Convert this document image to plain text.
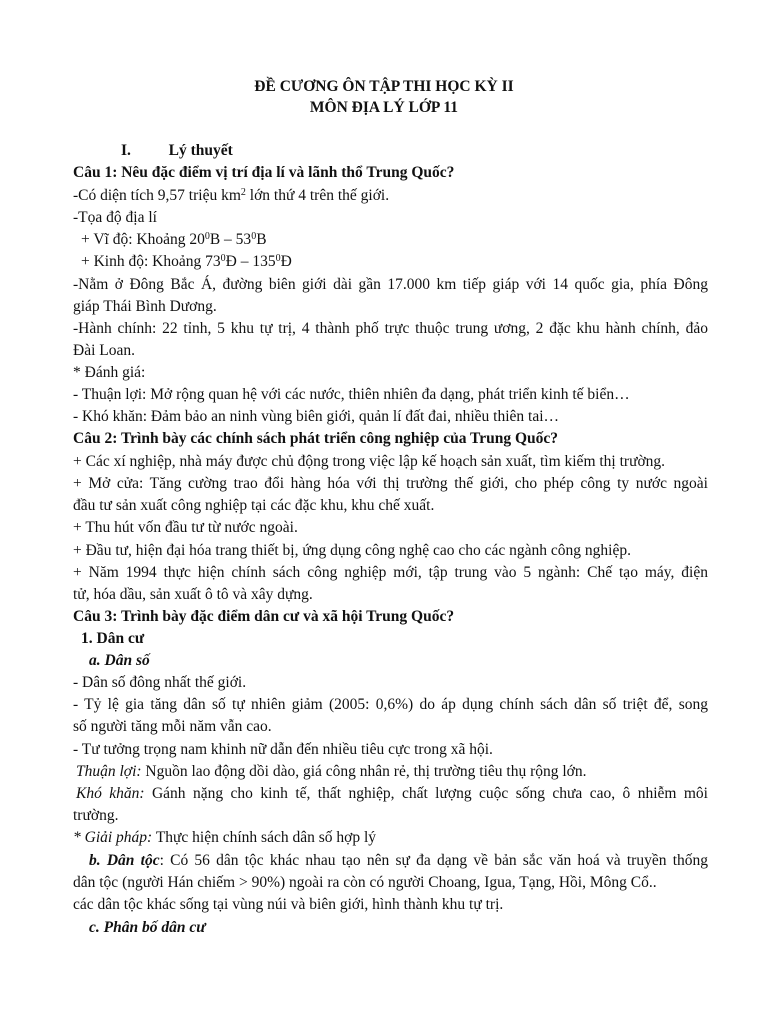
ĐỀ CƯƠNG ÔN TẬP THI HỌC KỲ II
MÔN ĐỊA LÝ LỚP 11
I. Lý thuyết
Câu 1: Nêu đặc điểm vị trí địa lí và lãnh thổ Trung Quốc?
-Có diện tích 9,57 triệu $km^2$ lớn thứ 4 trên thế giới.
-Tọa độ địa lí
+ Vĩ độ: Khoảng $20^0B - 53^0B$
+ Kinh độ: Khoảng $73^0Đ$ – $135^0Đ$
-Nằm ở Đông Bắc Á, đường biên giới dài gần 17.000 km tiếp giáp với 14 quốc gia, phía Đông
giáp Thái Bình Dương.
-Hành chính: 22 tỉnh, 5 khu tự trị, 4 thành phố trực thuộc trung ương, 2 đặc khu hành chính, đảo
Đài Loan.
* Đánh giá:
- Thuận lợi: Mở rộng quan hệ với các nước, thiên nhiên đa dạng, phát triển kinh tế biển…
- Khó khăn: Đảm bảo an ninh vùng biên giới, quản lí đất đai, nhiều thiên tai…
Câu 2: Trình bày các chính sách phát triển công nghiệp của Trung Quốc?
+ Các xí nghiệp, nhà máy được chủ động trong việc lập kế hoạch sản xuất, tìm kiếm thị trường.
+ Mở cửa: Tăng cường trao đổi hàng hóa với thị trường thế giới, cho phép công ty nước ngoài
đầu tư sản xuất công nghiệp tại các đặc khu, khu chế xuất.
+ Thu hút vốn đầu tư từ nước ngoài.
+ Đầu tư, hiện đại hóa trang thiết bị, ứng dụng công nghệ cao cho các ngành công nghiệp.
+ Năm 1994 thực hiện chính sách công nghiệp mới, tập trung vào 5 ngành: Chế tạo máy, điện
tử, hóa dầu, sản xuất ô tô và xây dựng.
Câu 3: Trình bày đặc điểm dân cư và xã hội Trung Quốc?
1. Dân cư
a. Dân số
- Dân số đông nhất thế giới.
- Tỷ lệ gia tăng dân số tự nhiên giảm (2005: 0,6%) do áp dụng chính sách dân số triệt để, song
số người tăng mỗi năm vẫn cao.
- Tư tưởng trọng nam khinh nữ dẫn đến nhiều tiêu cực trong xã hội.
Thuận lợi: Nguồn lao động dồi dào, giá công nhân rẻ, thị trường tiêu thụ rộng lớn.
Khó khăn: Gánh nặng cho kinh tế, thất nghiệp, chất lượng cuộc sống chưa cao, ô nhiễm môi
trường.
* Giải pháp: Thực hiện chính sách dân số hợp lý
b. Dân tộc: Có 56 dân tộc khác nhau tạo nên sự đa dạng về bản sắc văn hoá và truyền thống
dân tộc (người Hán chiếm > 90%) ngoài ra còn có người Choang, Igua, Tạng, Hồi, Mông Cổ..
các dân tộc khác sống tại vùng núi và biên giới, hình thành khu tự trị.
c. Phân bố dân cư
